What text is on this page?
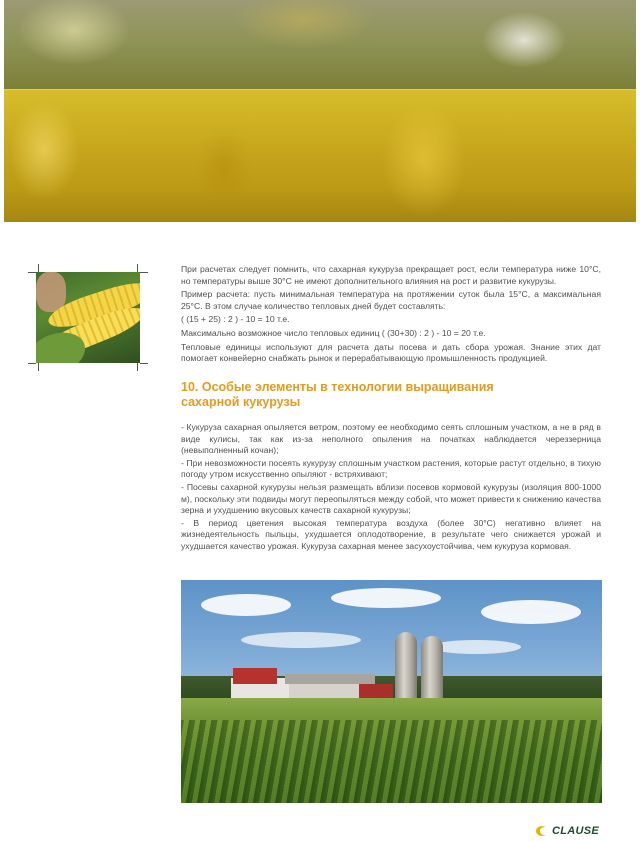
При расчетах следует помнить, что сахарная кукуруза прекращает рост, если температура ниже 10°С, но температуры выше 30°С не имеют дополнительного влияния на рост и развитие кукурузы.

Пример расчета: пусть минимальная температура на протяжении суток была 15°С, а максимальная 25°С. В этом случае количество тепловых дней будет составлять:

( (15 + 25) : 2 ) - 10 = 10 т.е.

Максимально возможное число тепловых единиц ( (30+30) : 2 ) - 10 = 20 т.е.

Тепловые единицы используют для расчета даты посева и дать сбора урожая. Знание этих дат помогает конвейерно снабжать рынок и перерабатывающую промышленность продукцией.

10. Особые элементы в технологии выращивания
сахарной кукурузы

- Кукуруза сахарная опыляется ветром, поэтому ее необходимо сеять сплошным участком, а не в ряд в виде кулисы, так как из-за неполного опыления на початках наблюдается череззерница (невыполненный кочан);

- При невозможности посеять кукурузу сплошным участком растения, которые растут отдельно, в тихую погоду утром искусственно опыляют - встряхивают;

- Посевы сахарной кукурузы нельзя размещать вблизи посевов кормовой кукурузы (изоляция 800-1000 м), поскольку эти подвиды могут переопыляться между собой, что может привести к снижению качества зерна и ухудшению вкусовых качеств сахарной кукурузы;

- В период цветения высокая температура воздуха (более 30°С) негативно влияет на жизнедеятельность пыльцы, ухудшается оплодотворение, в результате чего снижается урожай и ухудшается качество урожая. Кукуруза сахарная менее засухоустойчива, чем кукуруза кормовая.

CLAUSE
